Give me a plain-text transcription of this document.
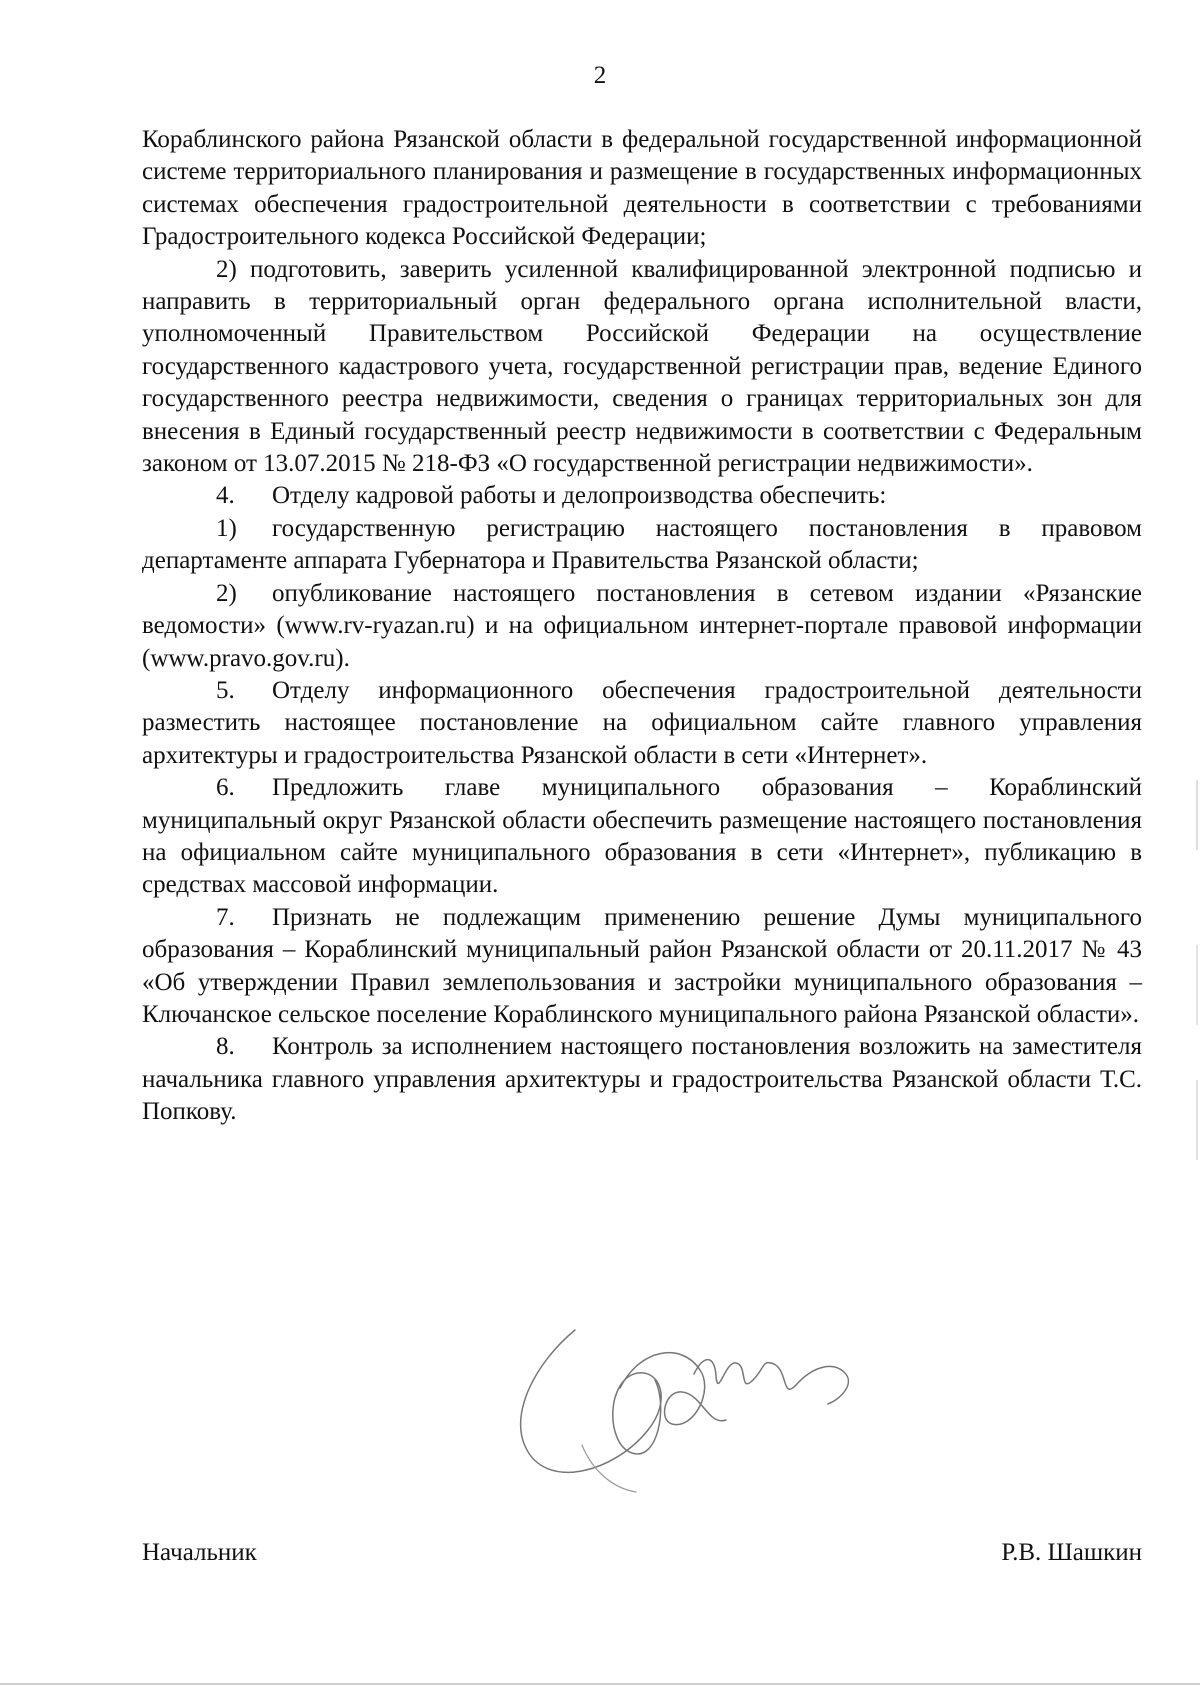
2

Кораблинского района Рязанской области в федеральной государственной информационной системе территориального планирования и размещение в государственных информационных системах обеспечения градостроительной деятельности в соответствии с требованиями Градостроительного кодекса Российской Федерации;

2) подготовить, заверить усиленной квалифицированной электронной подписью и направить в территориальный орган федерального органа исполнительной власти, уполномоченный Правительством Российской Федерации на осуществление государственного кадастрового учета, государственной регистрации прав, ведение Единого государственного реестра недвижимости, сведения о границах территориальных зон для внесения в Единый государственный реестр недвижимости в соответствии с Федеральным законом от 13.07.2015 № 218-ФЗ «О государственной регистрации недвижимости».

4. Отделу кадровой работы и делопроизводства обеспечить:

1) государственную регистрацию настоящего постановления в правовом департаменте аппарата Губернатора и Правительства Рязанской области;

2) опубликование настоящего постановления в сетевом издании «Рязанские ведомости» (www.rv-ryazan.ru) и на официальном интернет-портале правовой информации (www.pravo.gov.ru).

5. Отделу информационного обеспечения градостроительной деятельности разместить настоящее постановление на официальном сайте главного управления архитектуры и градостроительства Рязанской области в сети «Интернет».

6. Предложить главе муниципального образования – Кораблинский муниципальный округ Рязанской области обеспечить размещение настоящего постановления на официальном сайте муниципального образования в сети «Интернет», публикацию в средствах массовой информации.

7. Признать не подлежащим применению решение Думы муниципального образования – Кораблинский муниципальный район Рязанской области от 20.11.2017 № 43 «Об утверждении Правил землепользования и застройки муниципального образования – Ключанское сельское поселение Кораблинского муниципального района Рязанской области».

8. Контроль за исполнением настоящего постановления возложить на заместителя начальника главного управления архитектуры и градостроительства Рязанской области Т.С. Попкову.

Начальник	Р.В. Шашкин
